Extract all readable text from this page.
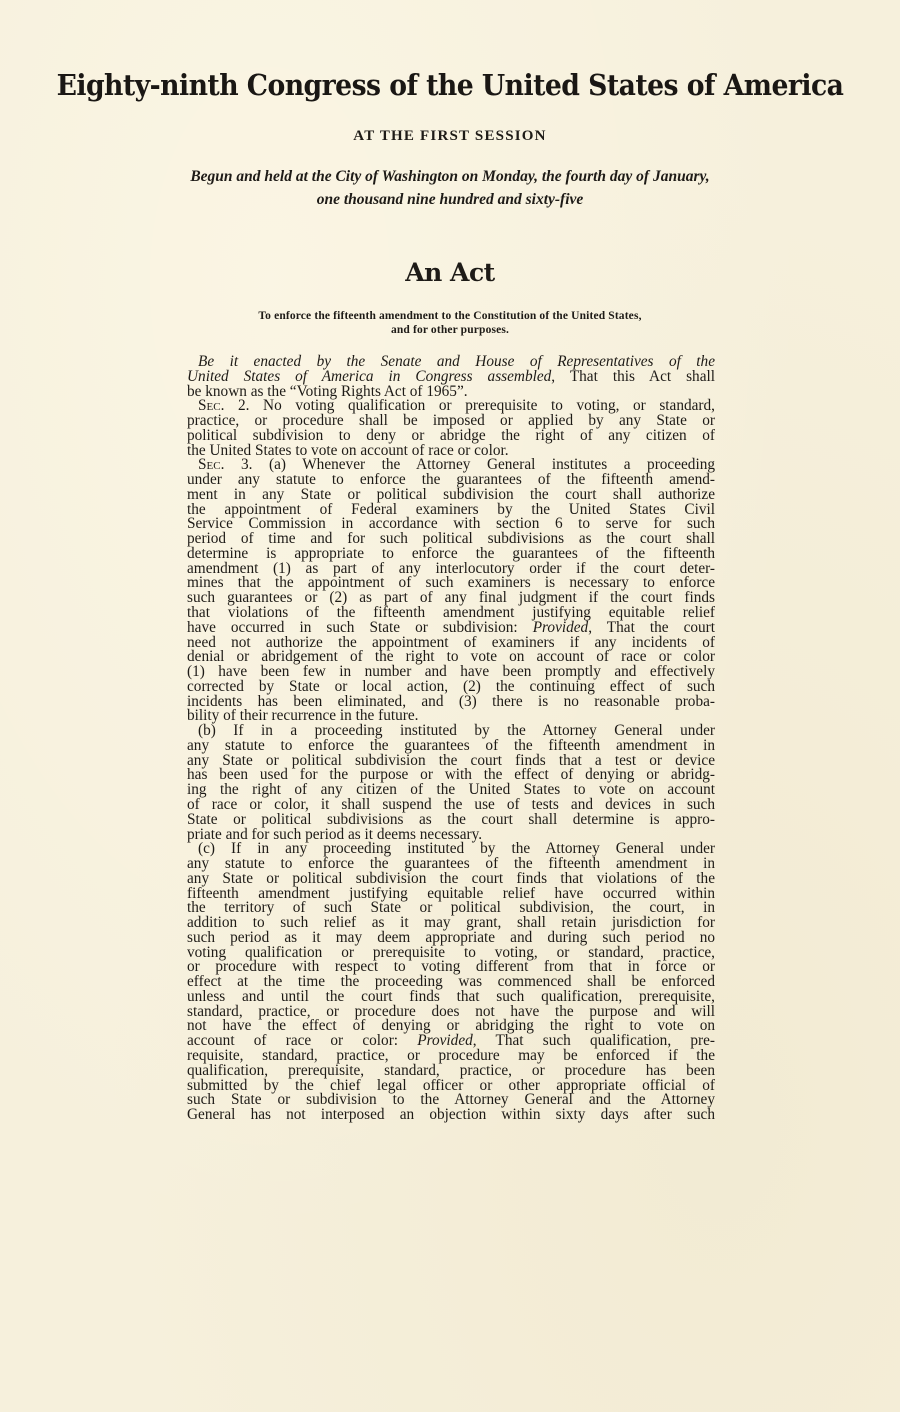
Eighty-ninth Congress of the United States of America
AT THE FIRST SESSION
Begun and held at the City of Washington on Monday, the fourth day of January,
one thousand nine hundred and sixty-five
An Act
To enforce the fifteenth amendment to the Constitution of the United States,
and for other purposes.
Be it enacted by the Senate and House of Representatives of the
United States of America in Congress assembled, That this Act shall
be known as the “Voting Rights Act of 1965”.
Sec. 2. No voting qualification or prerequisite to voting, or standard,
practice, or procedure shall be imposed or applied by any State or
political subdivision to deny or abridge the right of any citizen of
the United States to vote on account of race or color.
Sec. 3. (a) Whenever the Attorney General institutes a proceeding
under any statute to enforce the guarantees of the fifteenth amend-
ment in any State or political subdivision the court shall authorize
the appointment of Federal examiners by the United States Civil
Service Commission in accordance with section 6 to serve for such
period of time and for such political subdivisions as the court shall
determine is appropriate to enforce the guarantees of the fifteenth
amendment (1) as part of any interlocutory order if the court deter-
mines that the appointment of such examiners is necessary to enforce
such guarantees or (2) as part of any final judgment if the court finds
that violations of the fifteenth amendment justifying equitable relief
have occurred in such State or subdivision: Provided, That the court
need not authorize the appointment of examiners if any incidents of
denial or abridgement of the right to vote on account of race or color
(1) have been few in number and have been promptly and effectively
corrected by State or local action, (2) the continuing effect of such
incidents has been eliminated, and (3) there is no reasonable proba-
bility of their recurrence in the future.
(b) If in a proceeding instituted by the Attorney General under
any statute to enforce the guarantees of the fifteenth amendment in
any State or political subdivision the court finds that a test or device
has been used for the purpose or with the effect of denying or abridg-
ing the right of any citizen of the United States to vote on account
of race or color, it shall suspend the use of tests and devices in such
State or political subdivisions as the court shall determine is appro-
priate and for such period as it deems necessary.
(c) If in any proceeding instituted by the Attorney General under
any statute to enforce the guarantees of the fifteenth amendment in
any State or political subdivision the court finds that violations of the
fifteenth amendment justifying equitable relief have occurred within
the territory of such State or political subdivision, the court, in
addition to such relief as it may grant, shall retain jurisdiction for
such period as it may deem appropriate and during such period no
voting qualification or prerequisite to voting, or standard, practice,
or procedure with respect to voting different from that in force or
effect at the time the proceeding was commenced shall be enforced
unless and until the court finds that such qualification, prerequisite,
standard, practice, or procedure does not have the purpose and will
not have the effect of denying or abridging the right to vote on
account of race or color: Provided, That such qualification, pre-
requisite, standard, practice, or procedure may be enforced if the
qualification, prerequisite, standard, practice, or procedure has been
submitted by the chief legal officer or other appropriate official of
such State or subdivision to the Attorney General and the Attorney
General has not interposed an objection within sixty days after such
